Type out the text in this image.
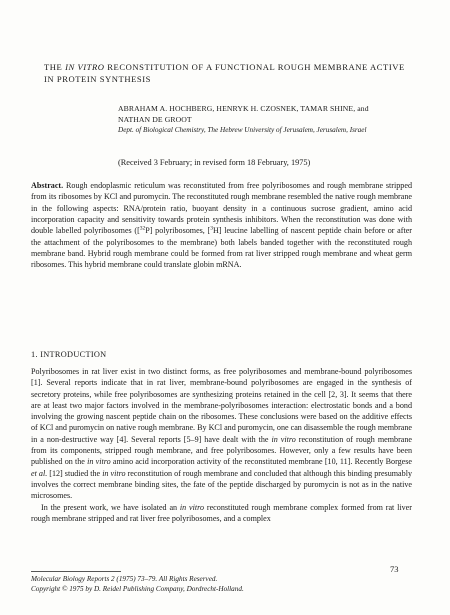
THE IN VITRO RECONSTITUTION OF A FUNCTIONAL ROUGH MEMBRANE ACTIVE IN PROTEIN SYNTHESIS
ABRAHAM A. HOCHBERG, HENRYK H. CZOSNEK, TAMAR SHINE, and
NATHAN DE GROOT
Dept. of Biological Chemistry, The Hebrew University of Jerusalem, Jerusalem, Israel
(Received 3 February; in revised form 18 February, 1975)
Abstract. Rough endoplasmic reticulum was reconstituted from free polyribosomes and rough membrane stripped from its ribosomes by KCl and puromycin. The reconstituted rough membrane resembled the native rough membrane in the following aspects: RNA/protein ratio, buoyant density in a continuous sucrose gradient, amino acid incorporation capacity and sensitivity towards protein synthesis inhibitors. When the reconstitution was done with double labelled polyribosomes ([$^{32}$P] polyribosomes, [$^3$H] leucine labelling of nascent peptide chain before or after the attachment of the polyribosomes to the membrane) both labels banded together with the reconstituted rough membrane band. Hybrid rough membrane could be formed from rat liver stripped rough membrane and wheat germ ribosomes. This hybrid membrane could translate globin mRNA.
1. INTRODUCTION

Polyribosomes in rat liver exist in two distinct forms, as free polyribosomes and membrane-bound polyribosomes [1]. Several reports indicate that in rat liver, membrane-bound polyribosomes are engaged in the synthesis of secretory proteins, while free polyribosomes are synthesizing proteins retained in the cell [2, 3]. It seems that there are at least two major factors involved in the membrane-polyribosomes interaction: electrostatic bonds and a bond involving the growing nascent peptide chain on the ribosomes. These conclusions were based on the additive effects of KCl and puromycin on native rough membrane. By KCl and puromycin, one can disassemble the rough membrane in a non-destructive way [4]. Several reports [5–9] have dealt with the in vitro reconstitution of rough membrane from its components, stripped rough membrane, and free polyribosomes. However, only a few results have been published on the in vitro amino acid incorporation activity of the reconstituted membrane [10, 11]. Recently Borgese et al. [12] studied the in vitro reconstitution of rough membrane and concluded that although this binding presumably involves the correct membrane binding sites, the fate of the peptide discharged by puromycin is not as in the native microsomes.

In the present work, we have isolated an in vitro reconstituted rough membrane complex formed from rat liver rough membrane stripped and rat liver free polyribosomes, and a complex

73
Molecular Biology Reports 2 (1975) 73–79. All Rights Reserved.
Copyright © 1975 by D. Reidel Publishing Company, Dordrecht-Holland.
